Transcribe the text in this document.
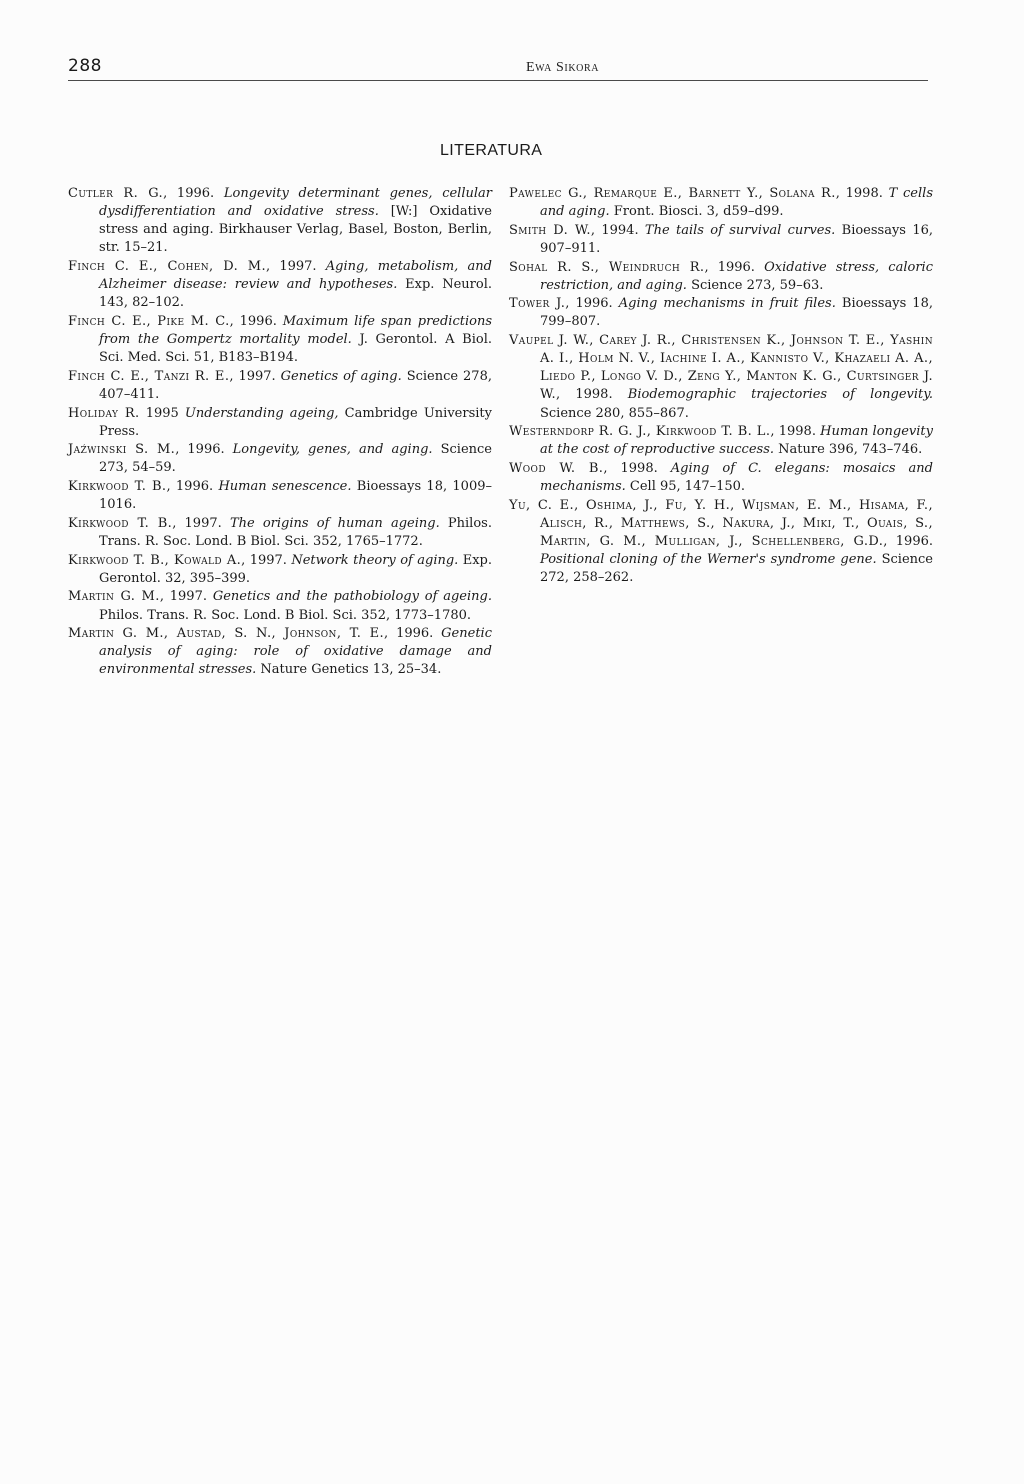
288	Ewa Sikora
LITERATURA

Cutler R. G., 1996. Longevity determinant genes, cellular dysdifferentiation and oxidative stress. [W:] Oxidative stress and aging. Birkhauser Verlag, Basel, Boston, Berlin, str. 15–21.

Finch C. E., Cohen, D. M., 1997. Aging, metabolism, and Alzheimer disease: review and hypotheses. Exp. Neurol. 143, 82–102.

Finch C. E., Pike M. C., 1996. Maximum life span predictions from the Gompertz mortality model. J. Gerontol. A Biol. Sci. Med. Sci. 51, B183–B194.

Finch C. E., Tanzi R. E., 1997. Genetics of aging. Science 278, 407–411.

Holiday R. 1995 Understanding ageing, Cambridge University Press.

Jaźwinski S. M., 1996. Longevity, genes, and aging. Science 273, 54–59.

Kirkwood T. B., 1996. Human senescence. Bioessays 18, 1009–1016.

Kirkwood T. B., 1997. The origins of human ageing. Philos. Trans. R. Soc. Lond. B Biol. Sci. 352, 1765–1772.

Kirkwood T. B., Kowald A., 1997. Network theory of aging. Exp. Gerontol. 32, 395–399.

Martin G. M., 1997. Genetics and the pathobiology of ageing. Philos. Trans. R. Soc. Lond. B Biol. Sci. 352, 1773–1780.

Martin G. M., Austad, S. N., Johnson, T. E., 1996. Genetic analysis of aging: role of oxidative damage and environmental stresses. Nature Genetics 13, 25–34.

Pawelec G., Remarque E., Barnett Y., Solana R., 1998. T cells and aging. Front. Biosci. 3, d59–d99.

Smith D. W., 1994. The tails of survival curves. Bioessays 16, 907–911.

Sohal R. S., Weindruch R., 1996. Oxidative stress, caloric restriction, and aging. Science 273, 59–63.

Tower J., 1996. Aging mechanisms in fruit files. Bioessays 18, 799–807.

Vaupel J. W., Carey J. R., Christensen K., Johnson T. E., Yashin A. I., Holm N. V., Iachine I. A., Kannisto V., Khazaeli A. A., Liedo P., Longo V. D., Zeng Y., Manton K. G., Curtsinger J. W., 1998. Biodemographic trajectories of longevity. Science 280, 855–867.

Westerndorp R. G. J., Kirkwood T. B. L., 1998. Human longevity at the cost of reproductive success. Nature 396, 743–746.

Wood W. B., 1998. Aging of C. elegans: mosaics and mechanisms. Cell 95, 147–150.

Yu, C. E., Oshima, J., Fu, Y. H., Wijsman, E. M., Hisama, F., Alisch, R., Matthews, S., Nakura, J., Miki, T., Ouais, S., Martin, G. M., Mulligan, J., Schellenberg, G.D., 1996. Positional cloning of the Werner's syndrome gene. Science 272, 258–262.
